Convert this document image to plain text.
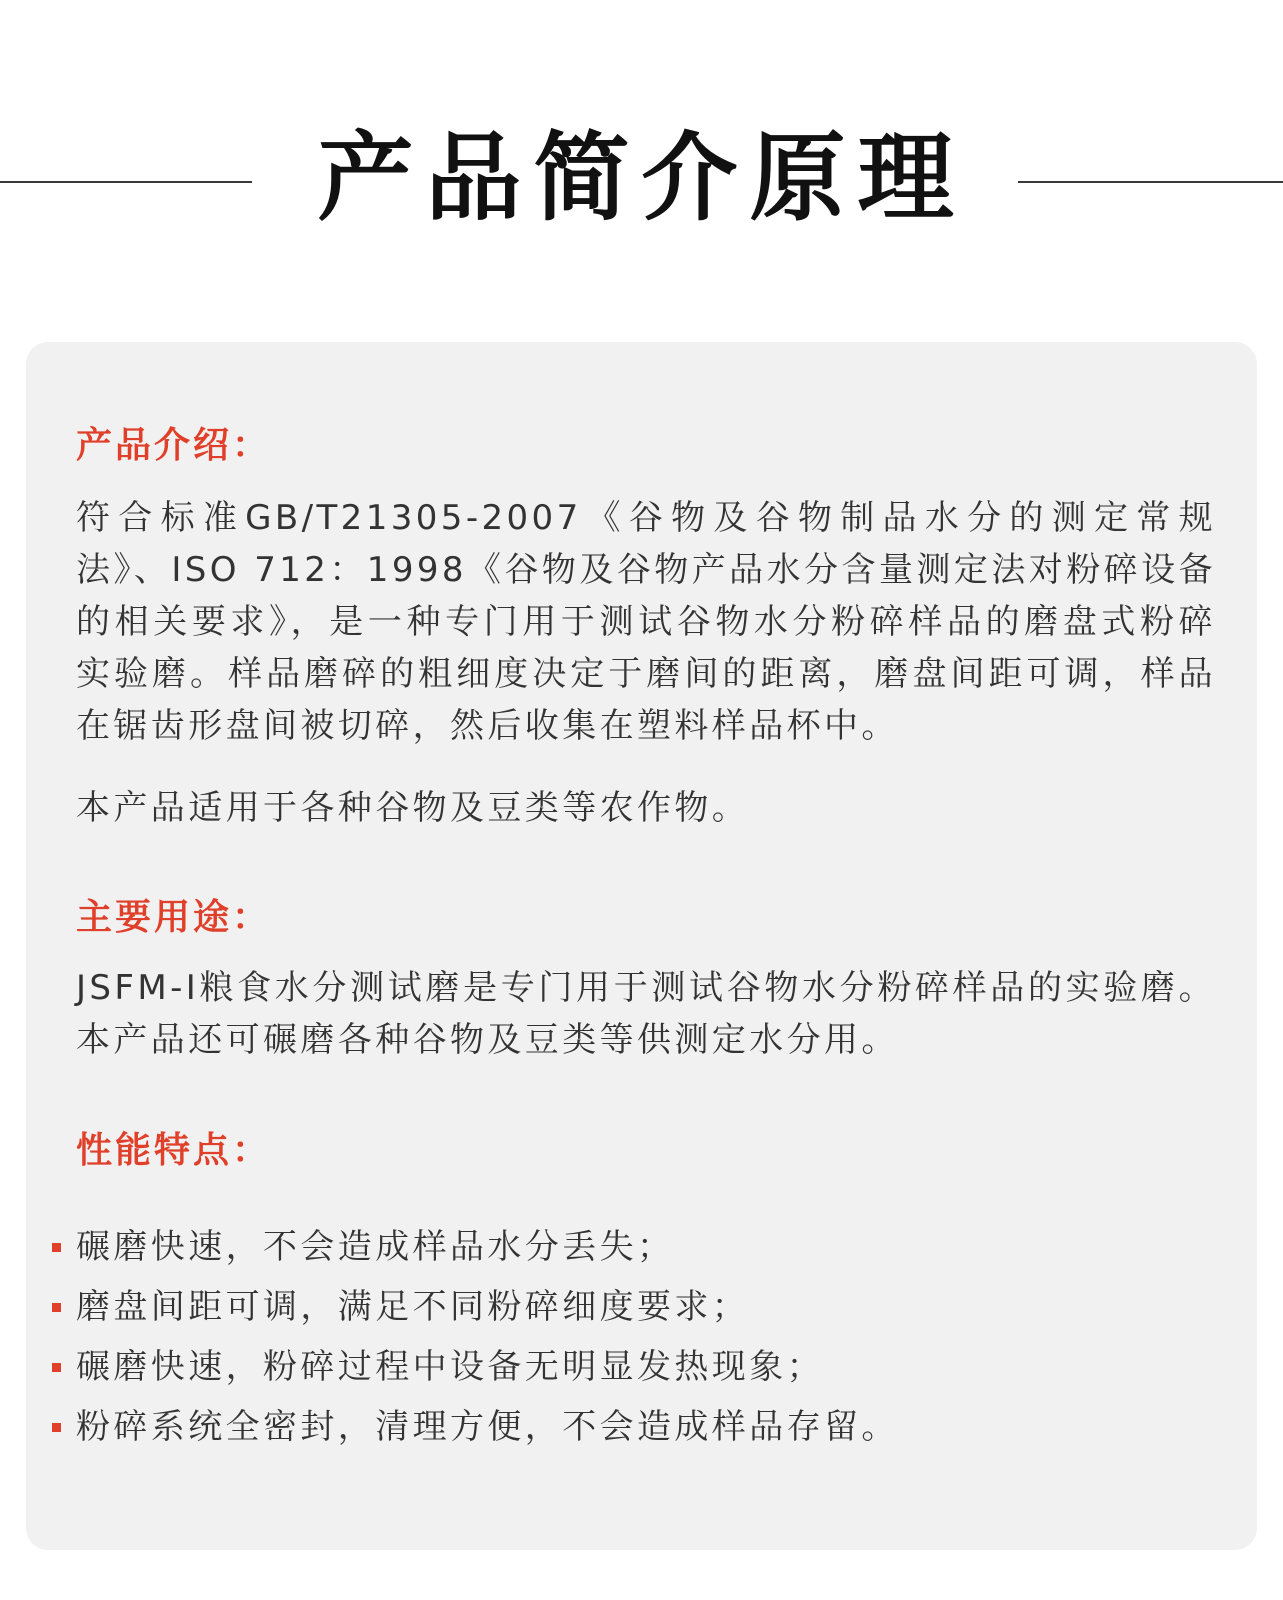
产品简介原理
产品介绍：

符合标准GB/T21305-2007《谷物及谷物制品水分的测定常规法》、ISO 712：1998《谷物及谷物产品水分含量测定法对粉碎设备的相关要求》，是一种专门用于测试谷物水分粉碎样品的磨盘式粉碎实验磨。样品磨碎的粗细度决定于磨间的距离，磨盘间距可调，样品在锯齿形盘间被切碎，然后收集在塑料样品杯中。

本产品适用于各种谷物及豆类等农作物。

主要用途：

JSFM-I粮食水分测试磨是专门用于测试谷物水分粉碎样品的实验磨。本产品还可碾磨各种谷物及豆类等供测定水分用。

性能特点：
碾磨快速，不会造成样品水分丢失；
磨盘间距可调，满足不同粉碎细度要求；
碾磨快速，粉碎过程中设备无明显发热现象；
粉碎系统全密封，清理方便，不会造成样品存留。
